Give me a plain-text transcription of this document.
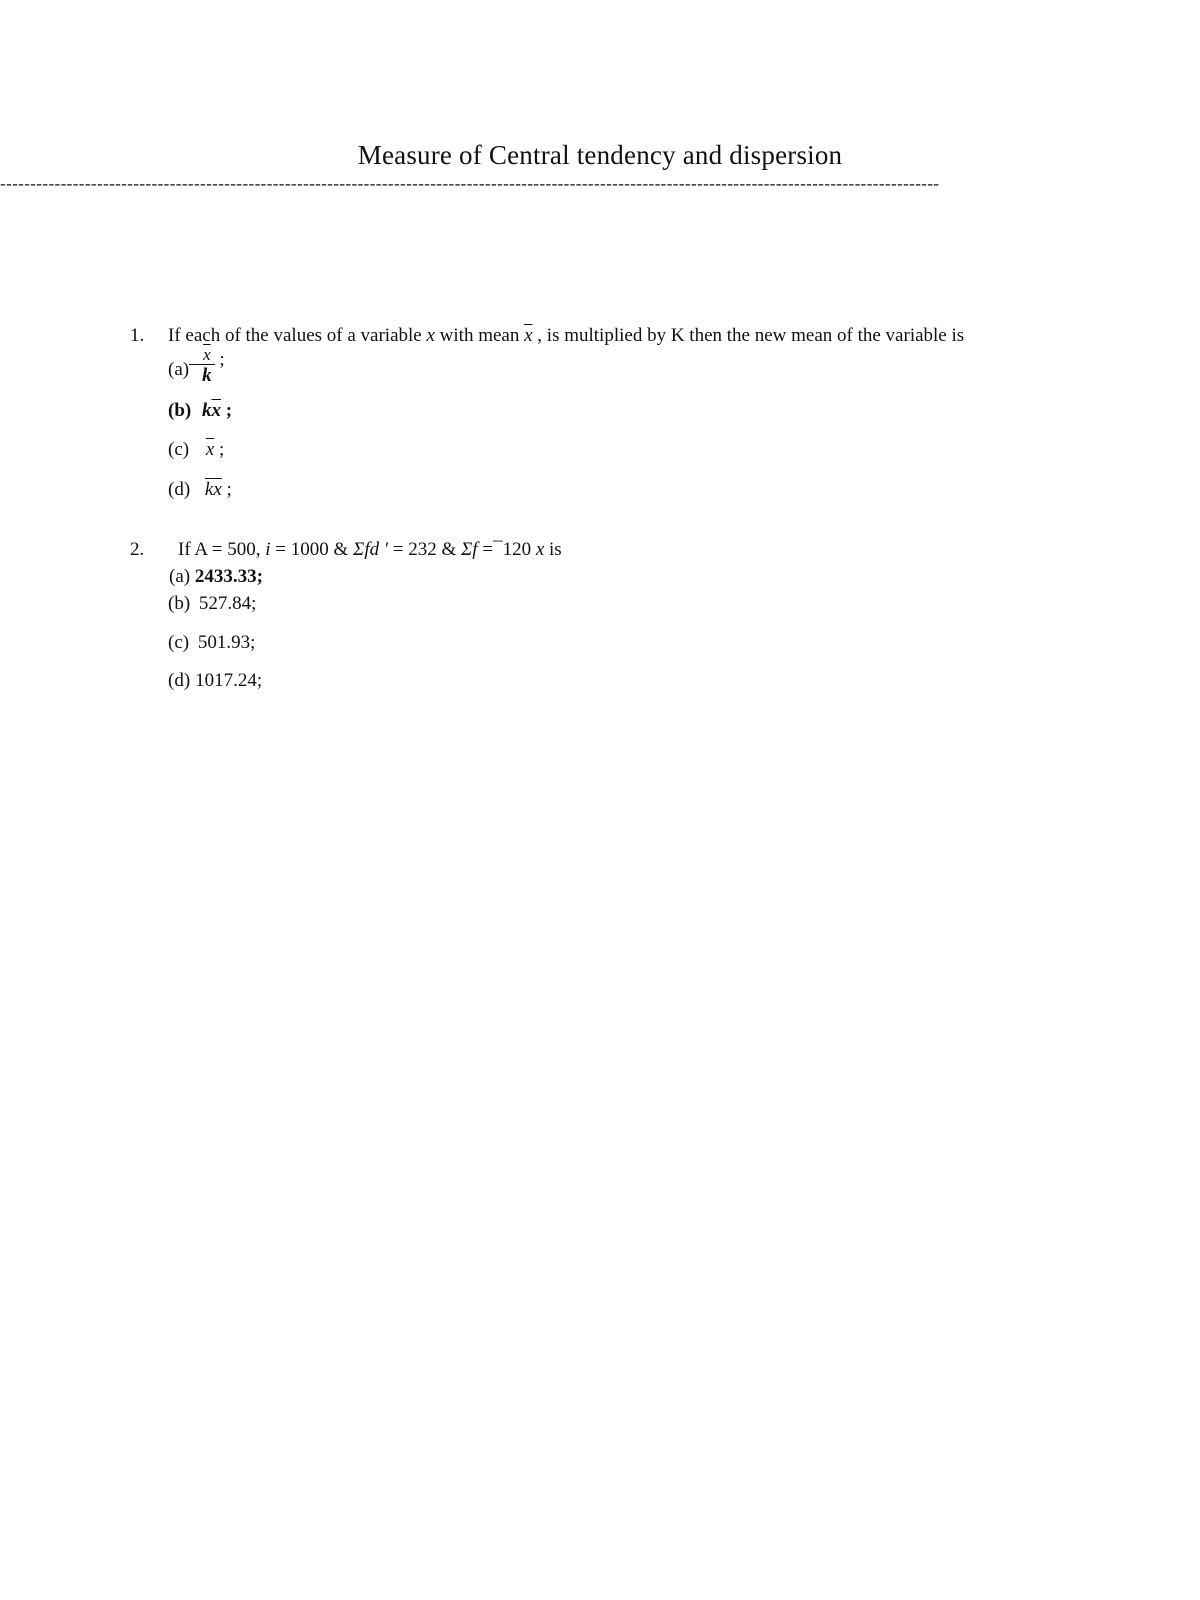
Measure of Central tendency and dispersion
-----------------------------------------------------------------------------------------------------------------------------------------------------------
1. If each of the values of a variable x with mean $\overline{x}$ , is multiplied by K then the new mean of the variable is
$(a) \frac{\overline{x}}{k}$ ;
(b) $k\overline{x}$ ;
(c) $\overline{x}$ ;
(d) $\overline{kx}$ ;
2. If A = 500, i = 1000 & Σfd ′ = 232 & Σf =¯120 x is
(a) 2433.33;
(b) 527.84;
(c) 501.93;
(d) 1017.24;
